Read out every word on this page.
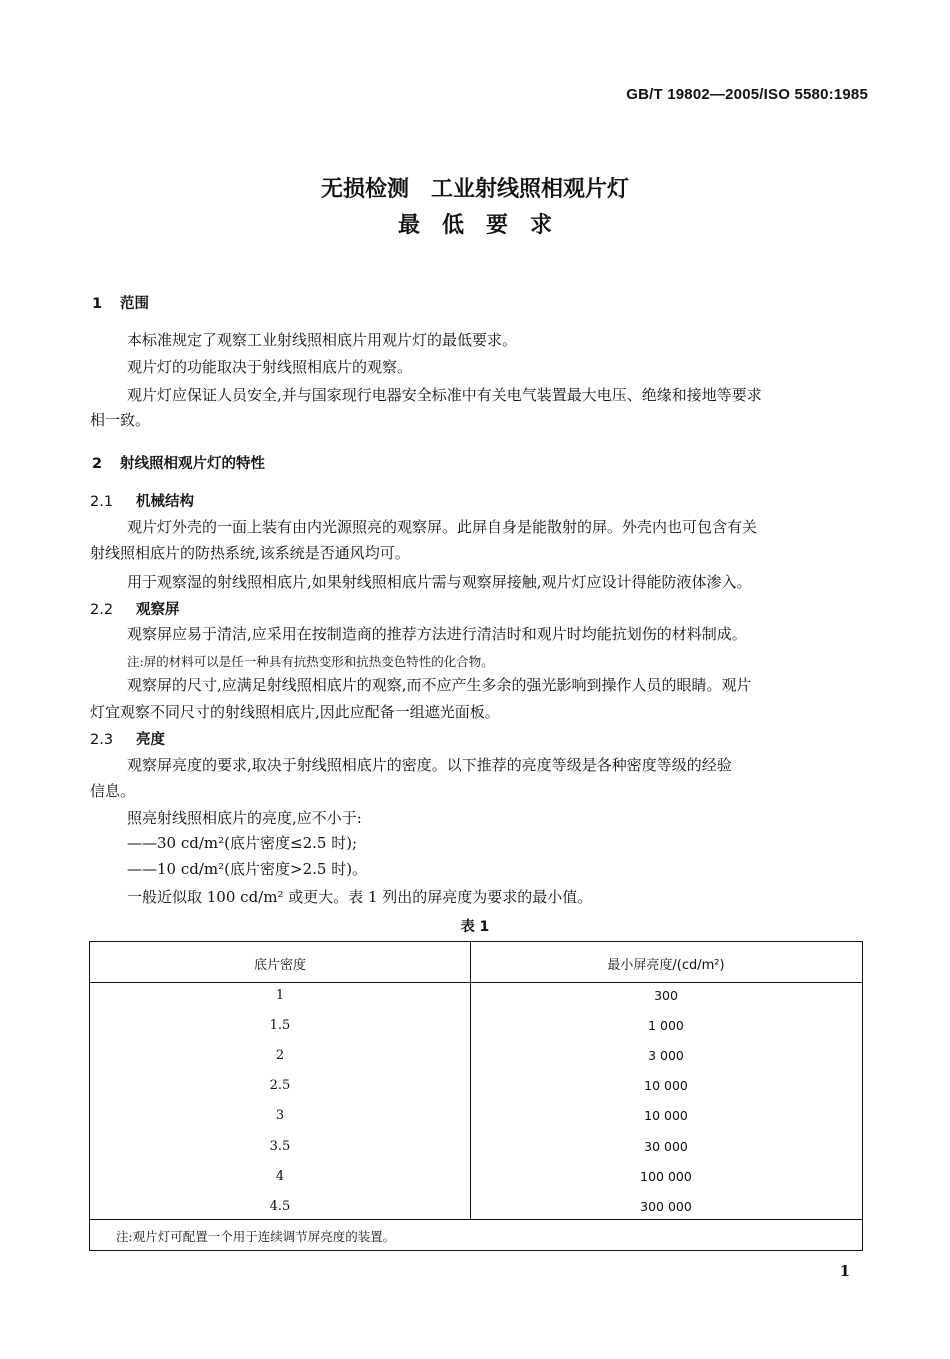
GB/T 19802—2005/ISO 5580:1985
无损检测　工业射线照相观片灯
最低要求
1 范围
本标准规定了观察工业射线照相底片用观片灯的最低要求。
观片灯的功能取决于射线照相底片的观察。
观片灯应保证人员安全,并与国家现行电器安全标准中有关电气装置最大电压、绝缘和接地等要求
相一致。
2 射线照相观片灯的特性
2.1 机械结构
观片灯外壳的一面上装有由内光源照亮的观察屏。此屏自身是能散射的屏。外壳内也可包含有关
射线照相底片的防热系统,该系统是否通风均可。
用于观察湿的射线照相底片,如果射线照相底片需与观察屏接触,观片灯应设计得能防液体渗入。
2.2 观察屏
观察屏应易于清洁,应采用在按制造商的推荐方法进行清洁时和观片时均能抗划伤的材料制成。
注:屏的材料可以是任一种具有抗热变形和抗热变色特性的化合物。
观察屏的尺寸,应满足射线照相底片的观察,而不应产生多余的强光影响到操作人员的眼睛。观片
灯宜观察不同尺寸的射线照相底片,因此应配备一组遮光面板。
2.3 亮度
观察屏亮度的要求,取决于射线照相底片的密度。以下推荐的亮度等级是各种密度等级的经验
信息。
照亮射线照相底片的亮度,应不小于:
——30 cd/m²(底片密度≤2.5 时);
——10 cd/m²(底片密度>2.5 时)。
一般近似取 100 cd/m² 或更大。表 1 列出的屏亮度为要求的最小值。
表 1
底片密度	最小屏亮度/(cd/m²)
1	300
1.5	1 000
2	3 000
2.5	10 000
3	10 000
3.5	30 000
4	100 000
4.5	300 000
注:观片灯可配置一个用于连续调节屏亮度的装置。
1
